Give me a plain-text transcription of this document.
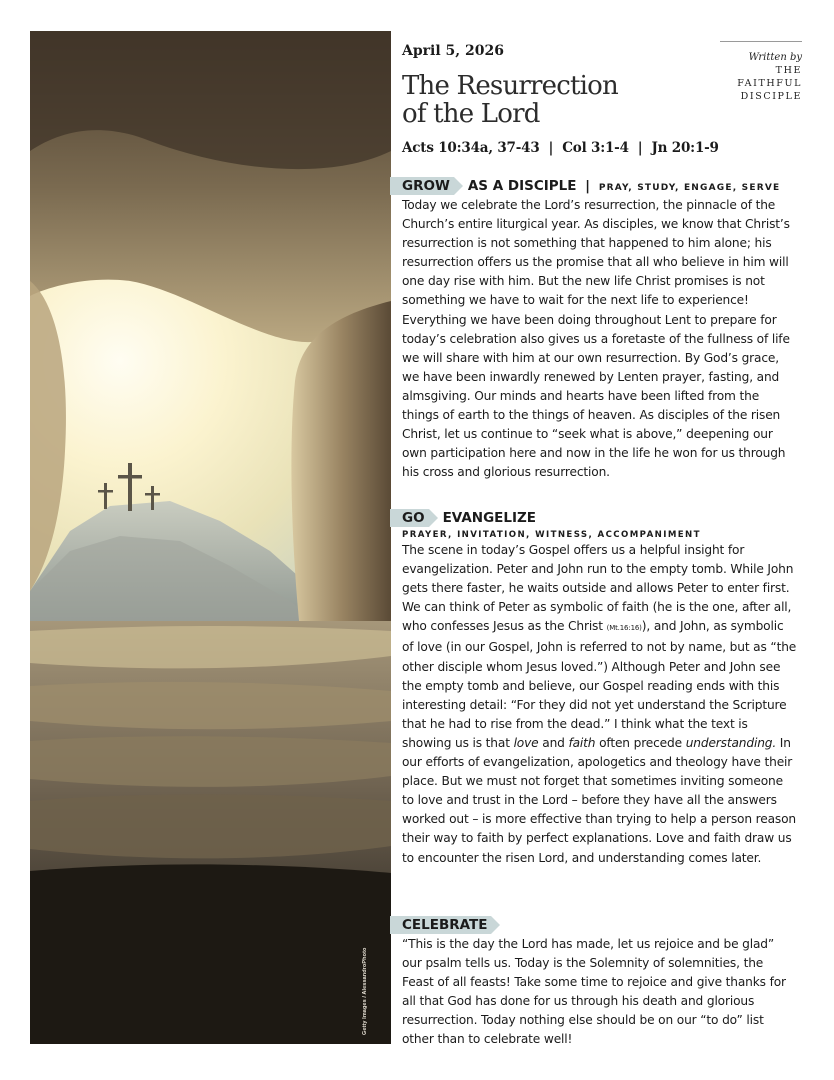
Getty Images / AlessandroPhoto
April 5, 2026
The Resurrection
of the Lord
Written by
THE
FAITHFUL
DISCIPLE
Acts 10:34a, 37-43  |  Col 3:1-4  |  Jn 20:1-9
GROW AS A DISCIPLE | PRAY, STUDY, ENGAGE, SERVE

Today we celebrate the Lord’s resurrection, the pinnacle of the Church’s entire liturgical year. As disciples, we know that Christ’s resurrection is not something that happened to him alone; his resurrection offers us the promise that all who believe in him will one day rise with him. But the new life Christ promises is not something we have to wait for the next life to experience! Everything we have been doing throughout Lent to prepare for today’s celebration also gives us a foretaste of the fullness of life we will share with him at our own resurrection. By God’s grace, we have been inwardly renewed by Lenten prayer, fasting, and almsgiving. Our minds and hearts have been lifted from the things of earth to the things of heaven. As disciples of the risen Christ, let us continue to “seek what is above,” deepening our own participation here and now in the life he won for us through his cross and glorious resurrection.

GO EVANGELIZE
PRAYER, INVITATION, WITNESS, ACCOMPANIMENT

The scene in today’s Gospel offers us a helpful insight for evangelization. Peter and John run to the empty tomb. While John gets there faster, he waits outside and allows Peter to enter first. We can think of Peter as symbolic of faith (he is the one, after all, who confesses Jesus as the Christ (Mt.16:16)), and John, as symbolic of love (in our Gospel, John is referred to not by name, but as “the other disciple whom Jesus loved.”) Although Peter and John see the empty tomb and believe, our Gospel reading ends with this interesting detail: “For they did not yet understand the Scripture that he had to rise from the dead.” I think what the text is showing us is that love and faith often precede understanding. In our efforts of evangelization, apologetics and theology have their place. But we must not forget that sometimes inviting someone to love and trust in the Lord – before they have all the answers worked out – is more effective than trying to help a person reason their way to faith by perfect explanations. Love and faith draw us to encounter the risen Lord, and understanding comes later.

CELEBRATE

“This is the day the Lord has made, let us rejoice and be glad” our psalm tells us. Today is the Solemnity of solemnities, the Feast of all feasts! Take some time to rejoice and give thanks for all that God has done for us through his death and glorious resurrection. Today nothing else should be on our “to do” list other than to celebrate well!
